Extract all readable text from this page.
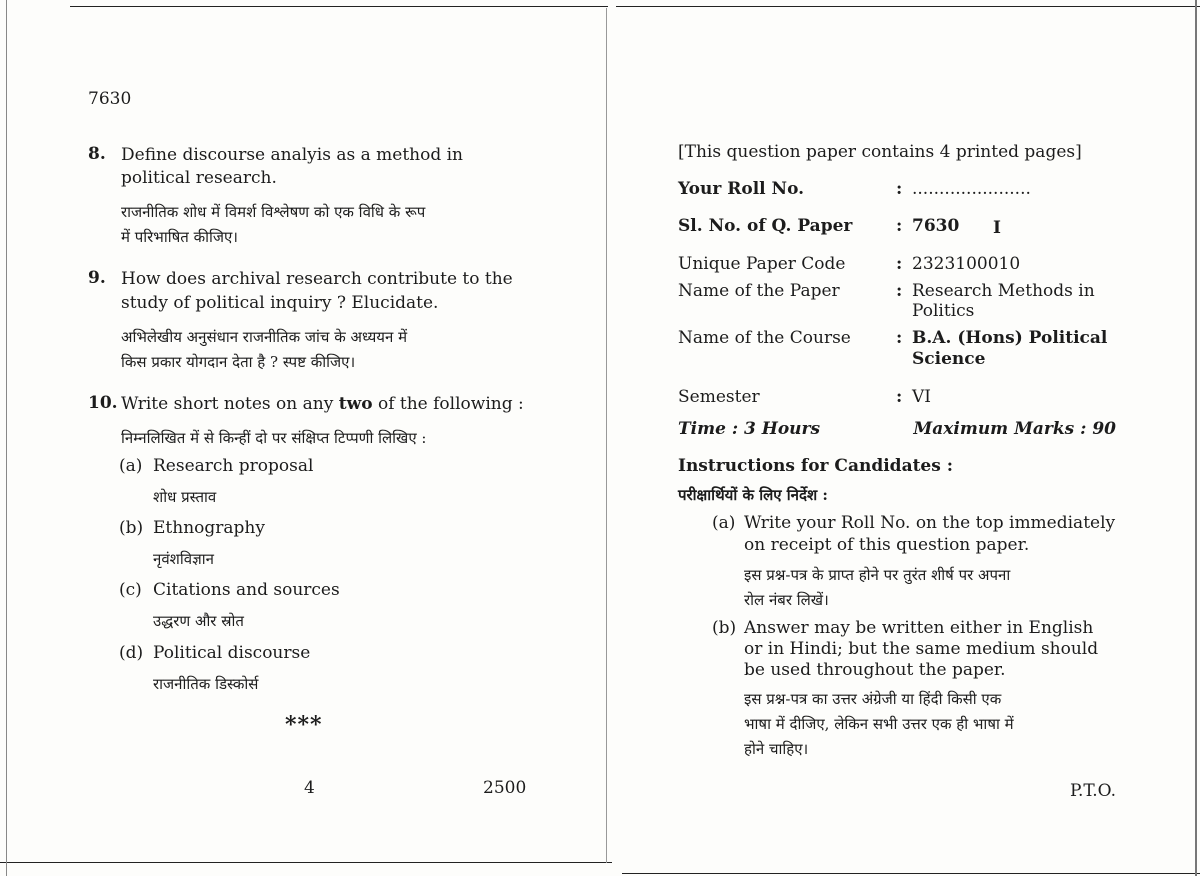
7630
8. Define discourse analyis as a method in
political research.
राजनीतिक शोध में विमर्श विश्लेषण को एक विधि के रूप
में परिभाषित कीजिए।
9. How does archival research contribute to the
study of political inquiry ? Elucidate.
अभिलेखीय अनुसंधान राजनीतिक जांच के अध्ययन में
किस प्रकार योगदान देता है ? स्पष्ट कीजिए।
10. Write short notes on any two of the following :
निम्नलिखित में से किन्हीं दो पर संक्षिप्त टिप्पणी लिखिए :
(a) Research proposal
शोध प्रस्ताव
(b) Ethnography
नृवंशविज्ञान
(c) Citations and sources
उद्धरण और स्रोत
(d) Political discourse
राजनीतिक डिस्कोर्स
***
4	2500
[This question paper contains 4 printed pages]
Your Roll No.	: ......................
Sl. No. of Q. Paper	: 7630 I
Unique Paper Code	: 2323100010
Name of the Paper	: Research Methods in
Politics
Name of the Course	: B.A. (Hons) Political
Science
Semester	: VI
Time : 3 Hours	Maximum Marks : 90
Instructions for Candidates :
परीक्षार्थियों के लिए निर्देश :
(a) Write your Roll No. on the top immediately
on receipt of this question paper.
इस प्रश्न-पत्र के प्राप्त होने पर तुरंत शीर्ष पर अपना
रोल नंबर लिखें।
(b) Answer may be written either in English
or in Hindi; but the same medium should
be used throughout the paper.
इस प्रश्न-पत्र का उत्तर अंग्रेजी या हिंदी किसी एक
भाषा में दीजिए, लेकिन सभी उत्तर एक ही भाषा में
होने चाहिए।
P.T.O.
